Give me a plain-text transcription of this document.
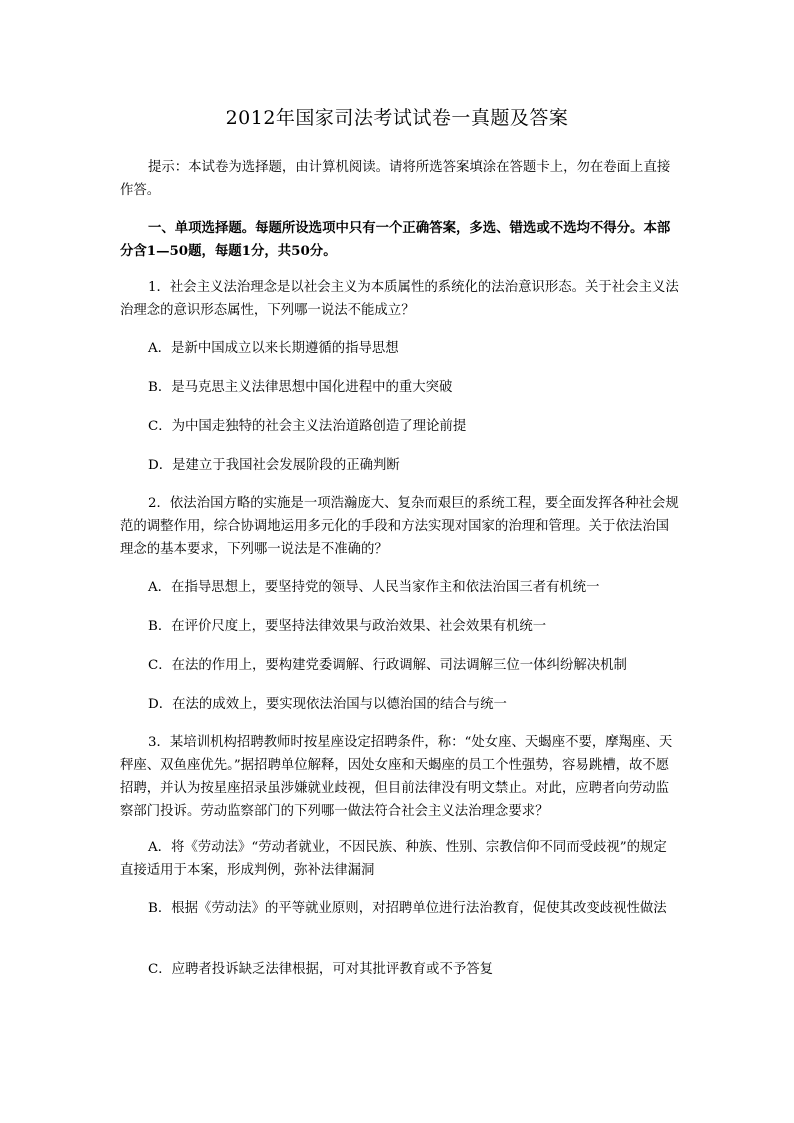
2012年国家司法考试试卷一真题及答案
提示：本试卷为选择题，由计算机阅读。请将所选答案填涂在答题卡上，勿在卷面上直接作答。
一、单项选择题。每题所设选项中只有一个正确答案，多选、错选或不选均不得分。本部分含1—50题，每题1分，共50分。
1．社会主义法治理念是以社会主义为本质属性的系统化的法治意识形态。关于社会主义法治理念的意识形态属性，下列哪一说法不能成立？
A．是新中国成立以来长期遵循的指导思想
B．是马克思主义法律思想中国化进程中的重大突破
C．为中国走独特的社会主义法治道路创造了理论前提
D．是建立于我国社会发展阶段的正确判断
2．依法治国方略的实施是一项浩瀚庞大、复杂而艰巨的系统工程，要全面发挥各种社会规范的调整作用，综合协调地运用多元化的手段和方法实现对国家的治理和管理。关于依法治国理念的基本要求，下列哪一说法是不准确的？
A．在指导思想上，要坚持党的领导、人民当家作主和依法治国三者有机统一
B．在评价尺度上，要坚持法律效果与政治效果、社会效果有机统一
C．在法的作用上，要构建党委调解、行政调解、司法调解三位一体纠纷解决机制
D．在法的成效上，要实现依法治国与以德治国的结合与统一
3．某培训机构招聘教师时按星座设定招聘条件，称：“处女座、天蝎座不要，摩羯座、天秤座、双鱼座优先。”据招聘单位解释，因处女座和天蝎座的员工个性强势，容易跳槽，故不愿招聘，并认为按星座招录虽涉嫌就业歧视，但目前法律没有明文禁止。对此，应聘者向劳动监察部门投诉。劳动监察部门的下列哪一做法符合社会主义法治理念要求？
A．将《劳动法》“劳动者就业，不因民族、种族、性别、宗教信仰不同而受歧视”的规定直接适用于本案，形成判例，弥补法律漏洞
B．根据《劳动法》的平等就业原则，对招聘单位进行法治教育，促使其改变歧视性做法
C．应聘者投诉缺乏法律根据，可对其批评教育或不予答复
